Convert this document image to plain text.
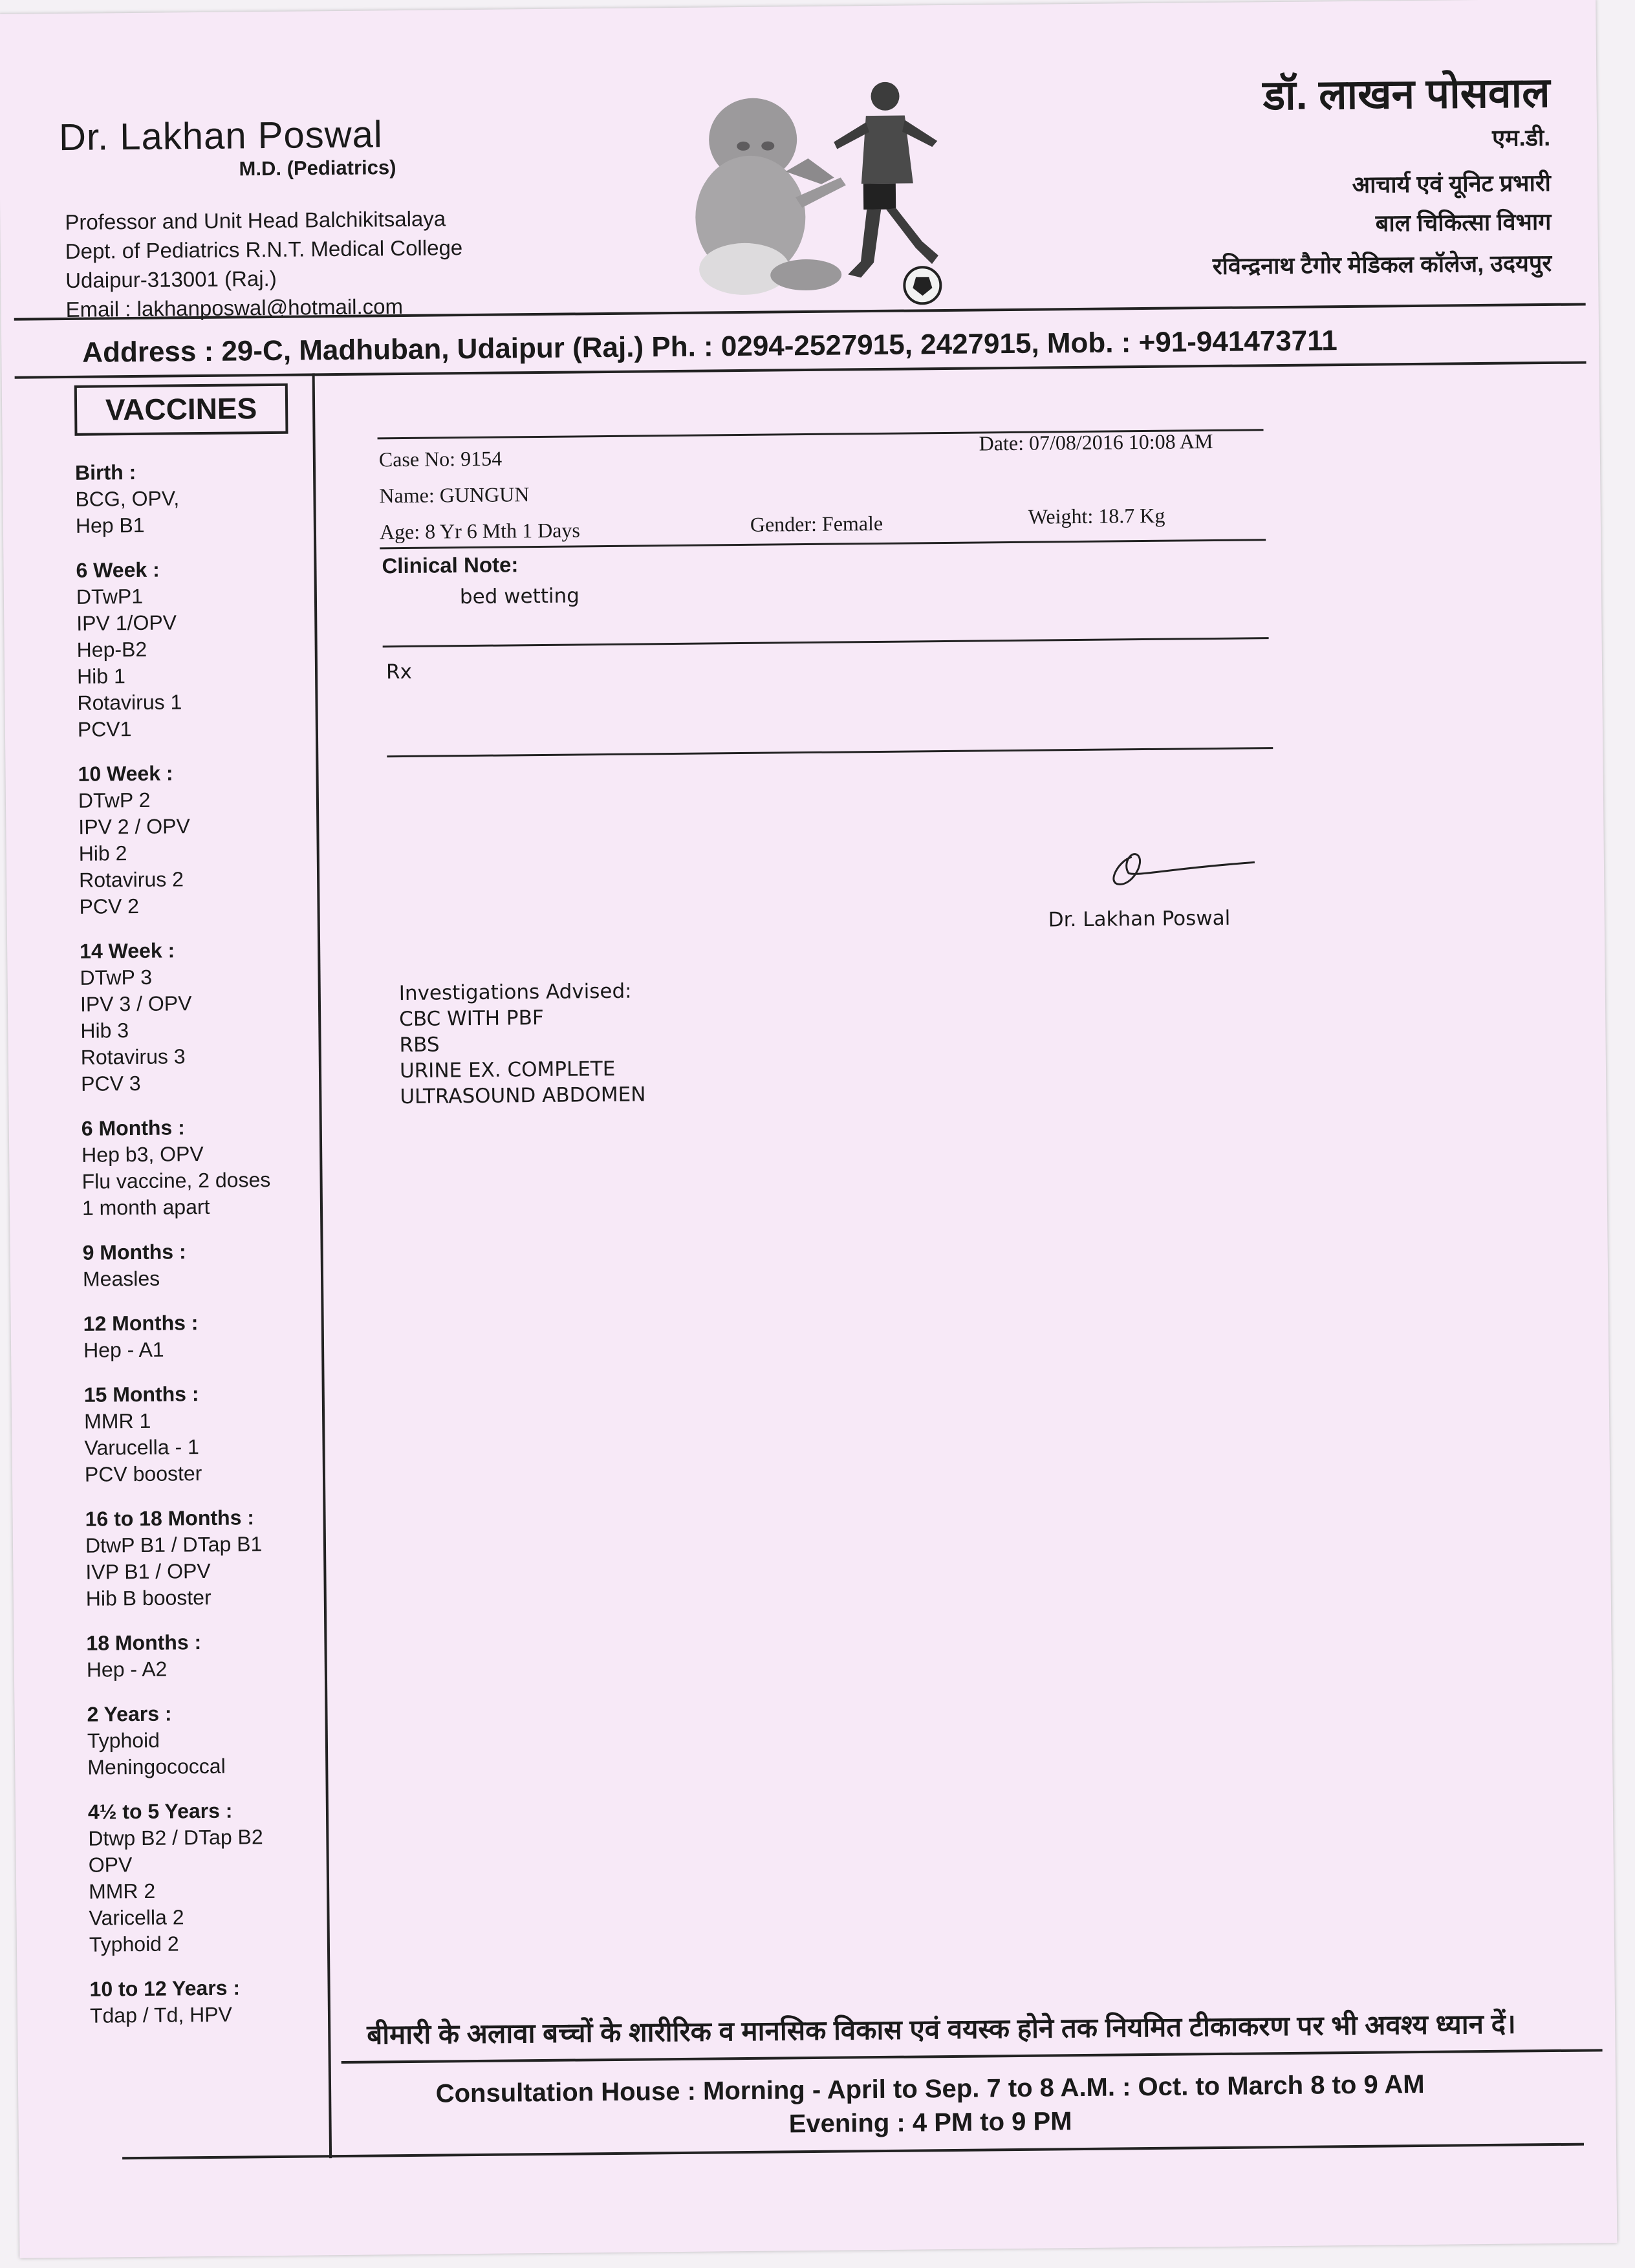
Dr. Lakhan Poswal
M.D. (Pediatrics)
Professor and Unit Head Balchikitsalaya
Dept. of Pediatrics R.N.T. Medical College
Udaipur-313001 (Raj.)
Email : lakhanposwal@hotmail.com
डॉ. लाखन पोसवाल
एम.डी.
आचार्य एवं यूनिट प्रभारी
बाल चिकित्सा विभाग
रविन्द्रनाथ टैगोर मेडिकल कॉलेज, उदयपुर
Address : 29-C, Madhuban, Udaipur (Raj.) Ph. : 0294-2527915, 2427915, Mob. : +91-941473711
VACCINES
Birth :
BCG, OPV,
Hep B1
6 Week :
DTwP1
IPV 1/OPV
Hep-B2
Hib 1
Rotavirus 1
PCV1
10 Week :
DTwP 2
IPV 2 / OPV
Hib 2
Rotavirus 2
PCV 2
14 Week :
DTwP 3
IPV 3 / OPV
Hib 3
Rotavirus 3
PCV 3
6 Months :
Hep b3, OPV
Flu vaccine, 2 doses
1 month apart
9 Months :
Measles
12 Months :
Hep - A1
15 Months :
MMR 1
Varucella - 1
PCV booster
16 to 18 Months :
DtwP B1 / DTap B1
IVP B1 / OPV
Hib B booster
18 Months :
Hep - A2
2 Years :
Typhoid
Meningococcal
4½ to 5 Years :
Dtwp B2 / DTap B2
OPV
MMR 2
Varicella 2
Typhoid 2
10 to 12 Years :
Tdap / Td, HPV
Case No: 9154
Date: 07/08/2016 10:08 AM
Name: GUNGUN
Age: 8 Yr 6 Mth 1 Days	Gender: Female	Weight: 18.7 Kg
Clinical Note:
bed wetting
Rx
Dr. Lakhan Poswal
Investigations Advised:
CBC WITH PBF
RBS
URINE EX. COMPLETE
ULTRASOUND ABDOMEN
बीमारी के अलावा बच्चों के शारीरिक व मानसिक विकास एवं वयस्क होने तक नियमित टीकाकरण पर भी अवश्य ध्यान दें।
Consultation House : Morning - April to Sep. 7 to 8 A.M. : Oct. to March 8 to 9 AM
Evening : 4 PM to 9 PM
